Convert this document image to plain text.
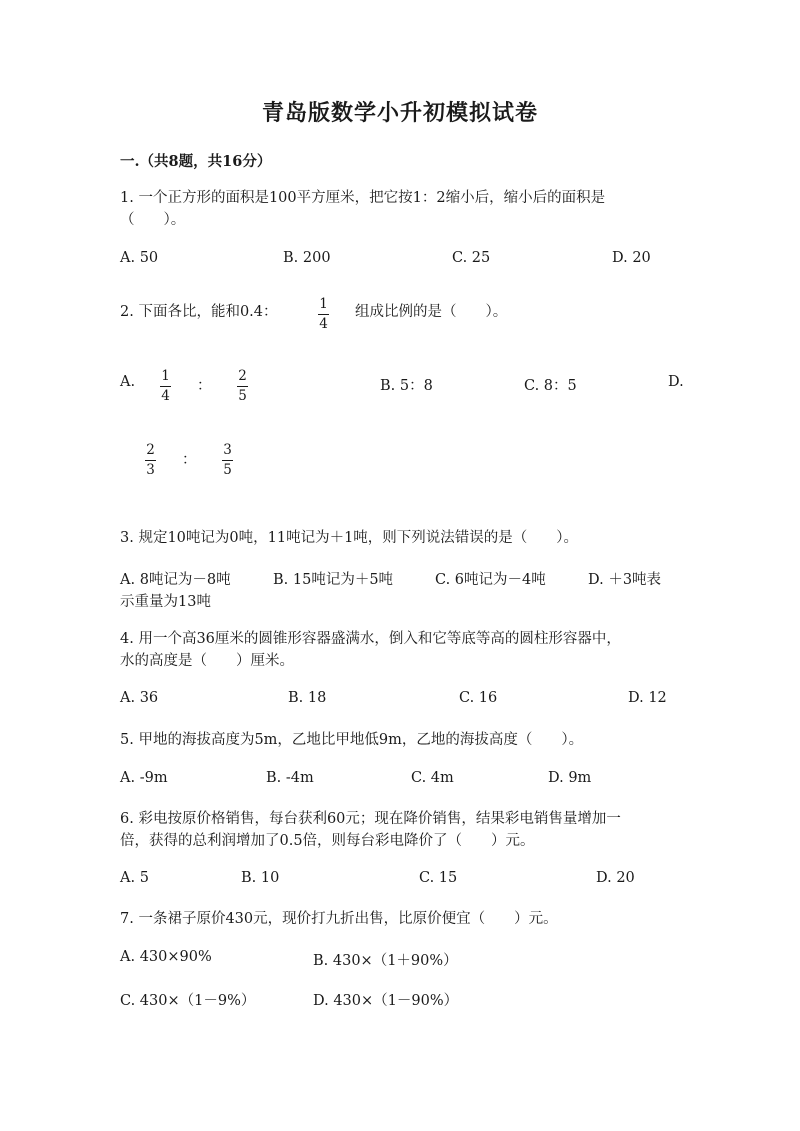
青岛版数学小升初模拟试卷
一.（共8题，共16分）
1. 一个正方形的面积是100平方厘米，把它按1：2缩小后，缩小后的面积是
（　　）。
A. 50	B. 200	C. 25	D. 20
2. 下面各比，能和0.4：	1
4
组成比例的是（　　）。
A. 1
4
：
2
5
B. 5：8	C. 8：5	D.
2
3
：
3
5
3. 规定10吨记为0吨，11吨记为＋1吨，则下列说法错误的是（　　）。
A. 8吨记为－8吨	B. 15吨记为＋5吨	C. 6吨记为－4吨	D. ＋3吨表
示重量为13吨
4. 用一个高36厘米的圆锥形容器盛满水，倒入和它等底等高的圆柱形容器中，
水的高度是（　　）厘米。
A. 36	B. 18	C. 16	D. 12
5. 甲地的海拔高度为5m，乙地比甲地低9m，乙地的海拔高度（　　）。
A. -9m	B. -4m	C. 4m	D. 9m
6. 彩电按原价格销售，每台获利60元；现在降价销售，结果彩电销售量增加一
倍，获得的总利润增加了0.5倍，则每台彩电降价了（　　）元。
A. 5	B. 10	C. 15	D. 20
7. 一条裙子原价430元，现价打九折出售，比原价便宜（　　）元。
A. 430×90%	B. 430×（1＋90%）
C. 430×（1－9%）	D. 430×（1－90%）
